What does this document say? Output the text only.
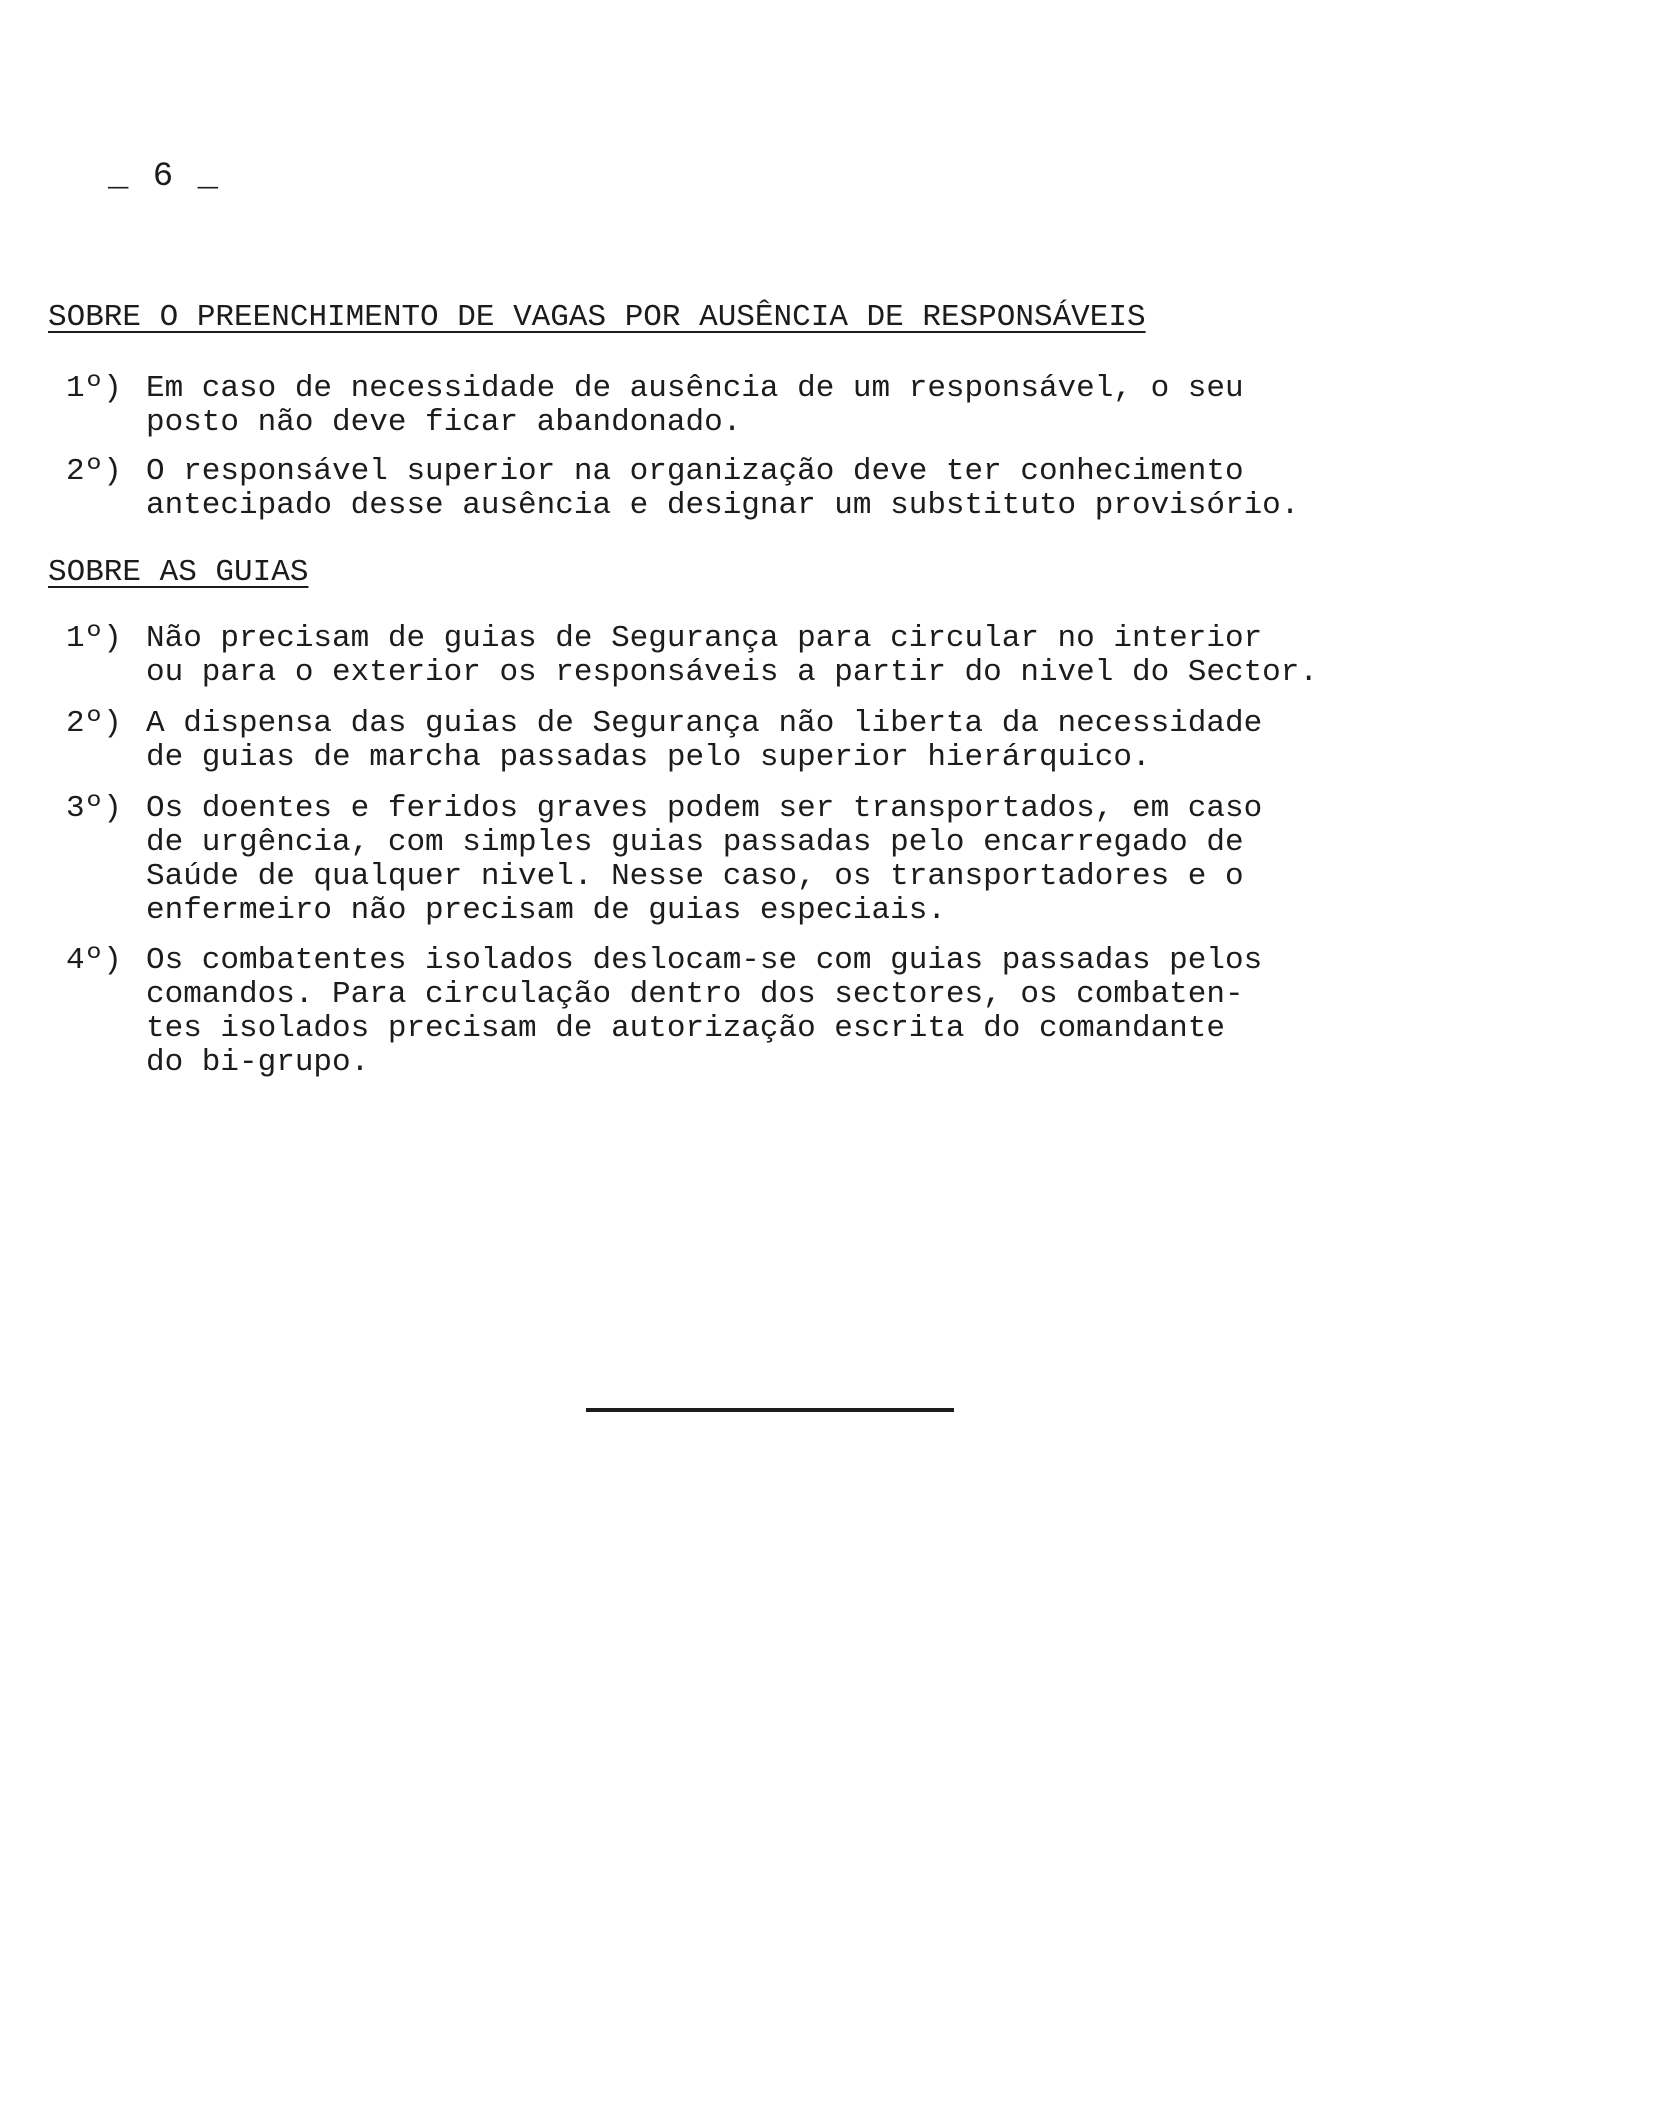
_ 6 _
SOBRE O PREENCHIMENTO DE VAGAS POR AUSÊNCIA DE RESPONSÁVEIS
1º) Em caso de necessidade de ausência de um responsável, o seu
posto não deve ficar abandonado.
2º) O responsável superior na organização deve ter conhecimento
antecipado desse ausência e designar um substituto provisório.
SOBRE AS GUIAS
1º) Não precisam de guias de Segurança para circular no interior
ou para o exterior os responsáveis a partir do nivel do Sector.
2º) A dispensa das guias de Segurança não liberta da necessidade
de guias de marcha passadas pelo superior hierárquico.
3º) Os doentes e feridos graves podem ser transportados, em caso
de urgência, com simples guias passadas pelo encarregado de
Saúde de qualquer nivel. Nesse caso, os transportadores e o
enfermeiro não precisam de guias especiais.
4º) Os combatentes isolados deslocam-se com guias passadas pelos
comandos. Para circulação dentro dos sectores, os combaten-
tes isolados precisam de autorização escrita do comandante
do bi-grupo.
